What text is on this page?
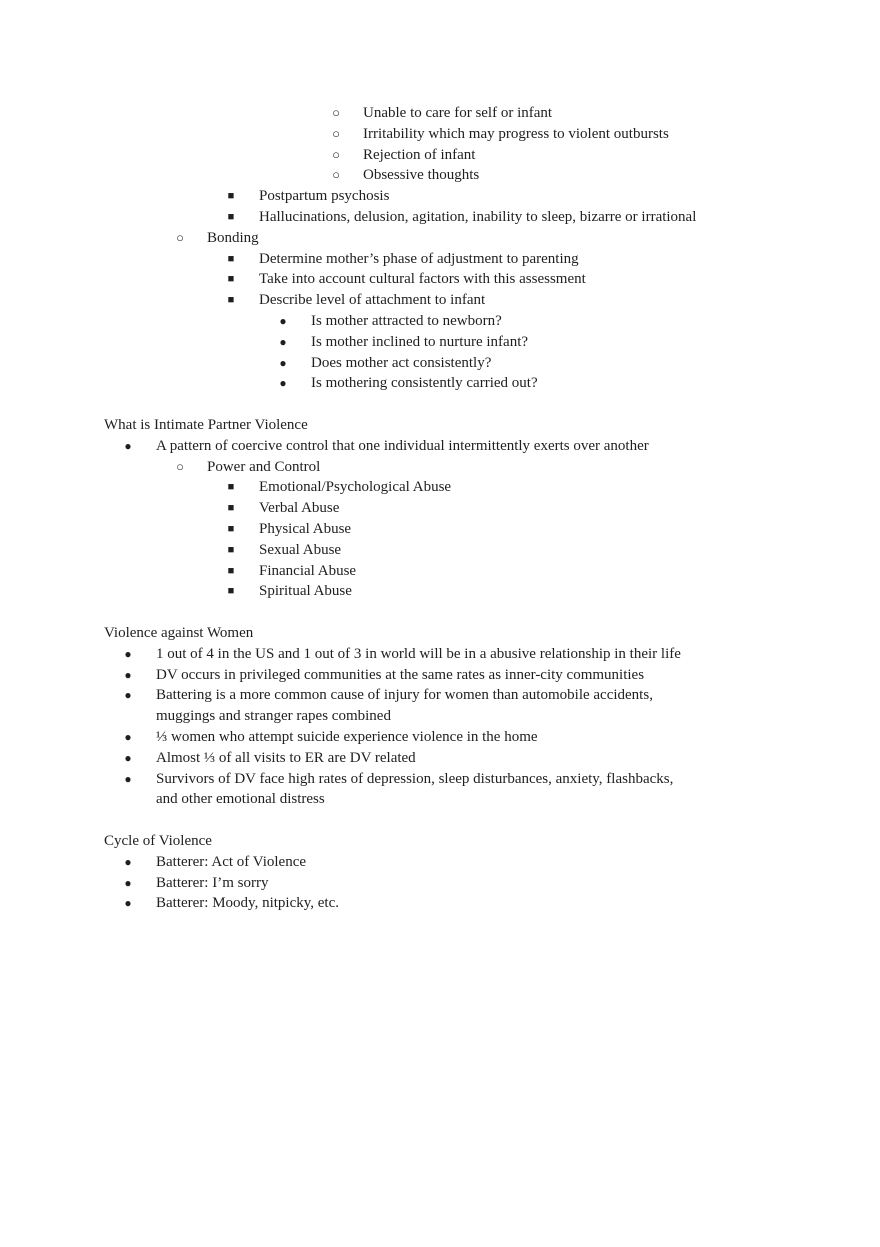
○ Unable to care for self or infant
○ Irritability which may progress to violent outbursts
○ Rejection of infant
○ Obsessive thoughts
■ Postpartum psychosis
■ Hallucinations, delusion, agitation, inability to sleep, bizarre or irrational
○ Bonding
■ Determine mother’s phase of adjustment to parenting
■ Take into account cultural factors with this assessment
■ Describe level of attachment to infant
● Is mother attracted to newborn?
● Is mother inclined to nurture infant?
● Does mother act consistently?
● Is mothering consistently carried out?
What is Intimate Partner Violence
● A pattern of coercive control that one individual intermittently exerts over another
○ Power and Control
■ Emotional/Psychological Abuse
■ Verbal Abuse
■ Physical Abuse
■ Sexual Abuse
■ Financial Abuse
■ Spiritual Abuse
Violence against Women
● 1 out of 4 in the US and 1 out of 3 in world will be in a abusive relationship in their life
● DV occurs in privileged communities at the same rates as inner-city communities
● Battering is a more common cause of injury for women than automobile accidents,
muggings and stranger rapes combined
● ⅓ women who attempt suicide experience violence in the home
● Almost ⅓ of all visits to ER are DV related
● Survivors of DV face high rates of depression, sleep disturbances, anxiety, flashbacks,
and other emotional distress
Cycle of Violence
● Batterer: Act of Violence
● Batterer: I’m sorry
● Batterer: Moody, nitpicky, etc.
